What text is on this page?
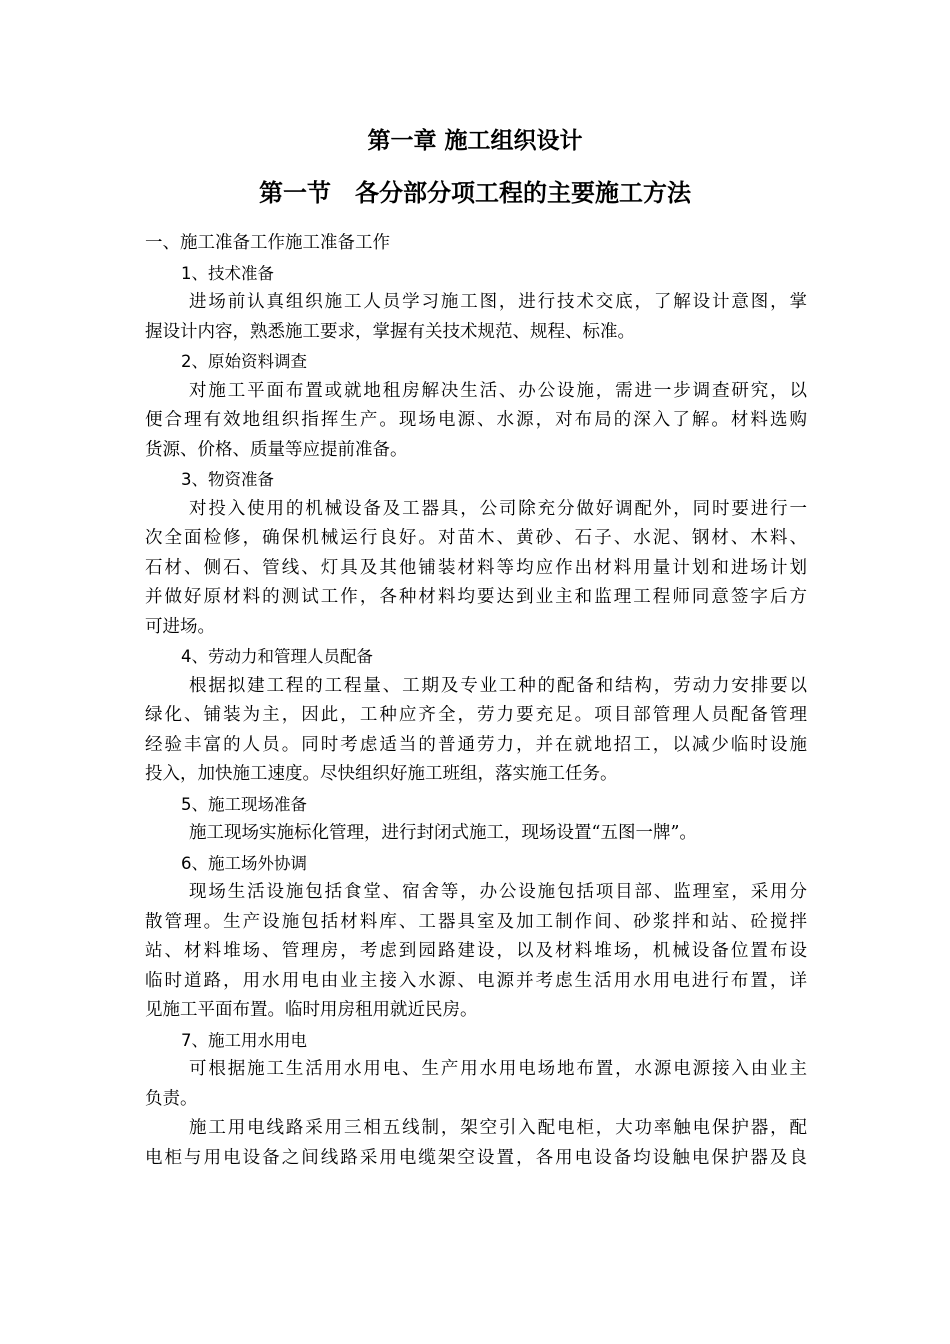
第一章 施工组织设计
第一节 各分部分项工程的主要施工方法
一、施工准备工作施工准备工作
1、技术准备
进场前认真组织施工人员学习施工图，进行技术交底，了解设计意图，掌
握设计内容，熟悉施工要求，掌握有关技术规范、规程、标准。
2、原始资料调查
对施工平面布置或就地租房解决生活、办公设施，需进一步调查研究，以
便合理有效地组织指挥生产。现场电源、水源，对布局的深入了解。材料选购
货源、价格、质量等应提前准备。
3、物资准备
对投入使用的机械设备及工器具，公司除充分做好调配外，同时要进行一
次全面检修，确保机械运行良好。对苗木、黄砂、石子、水泥、钢材、木料、
石材、侧石、管线、灯具及其他铺装材料等均应作出材料用量计划和进场计划
并做好原材料的测试工作，各种材料均要达到业主和监理工程师同意签字后方
可进场。
4、劳动力和管理人员配备
根据拟建工程的工程量、工期及专业工种的配备和结构，劳动力安排要以
绿化、铺装为主，因此，工种应齐全，劳力要充足。项目部管理人员配备管理
经验丰富的人员。同时考虑适当的普通劳力，并在就地招工，以减少临时设施
投入，加快施工速度。尽快组织好施工班组，落实施工任务。
5、施工现场准备
施工现场实施标化管理，进行封闭式施工，现场设置“五图一牌”。
6、施工场外协调
现场生活设施包括食堂、宿舍等，办公设施包括项目部、监理室，采用分
散管理。生产设施包括材料库、工器具室及加工制作间、砂浆拌和站、砼搅拌
站、材料堆场、管理房，考虑到园路建设，以及材料堆场，机械设备位置布设
临时道路，用水用电由业主接入水源、电源并考虑生活用水用电进行布置，详
见施工平面布置。临时用房租用就近民房。
7、施工用水用电
可根据施工生活用水用电、生产用水用电场地布置，水源电源接入由业主
负责。
施工用电线路采用三相五线制，架空引入配电柜，大功率触电保护器，配
电柜与用电设备之间线路采用电缆架空设置，各用电设备均设触电保护器及良
